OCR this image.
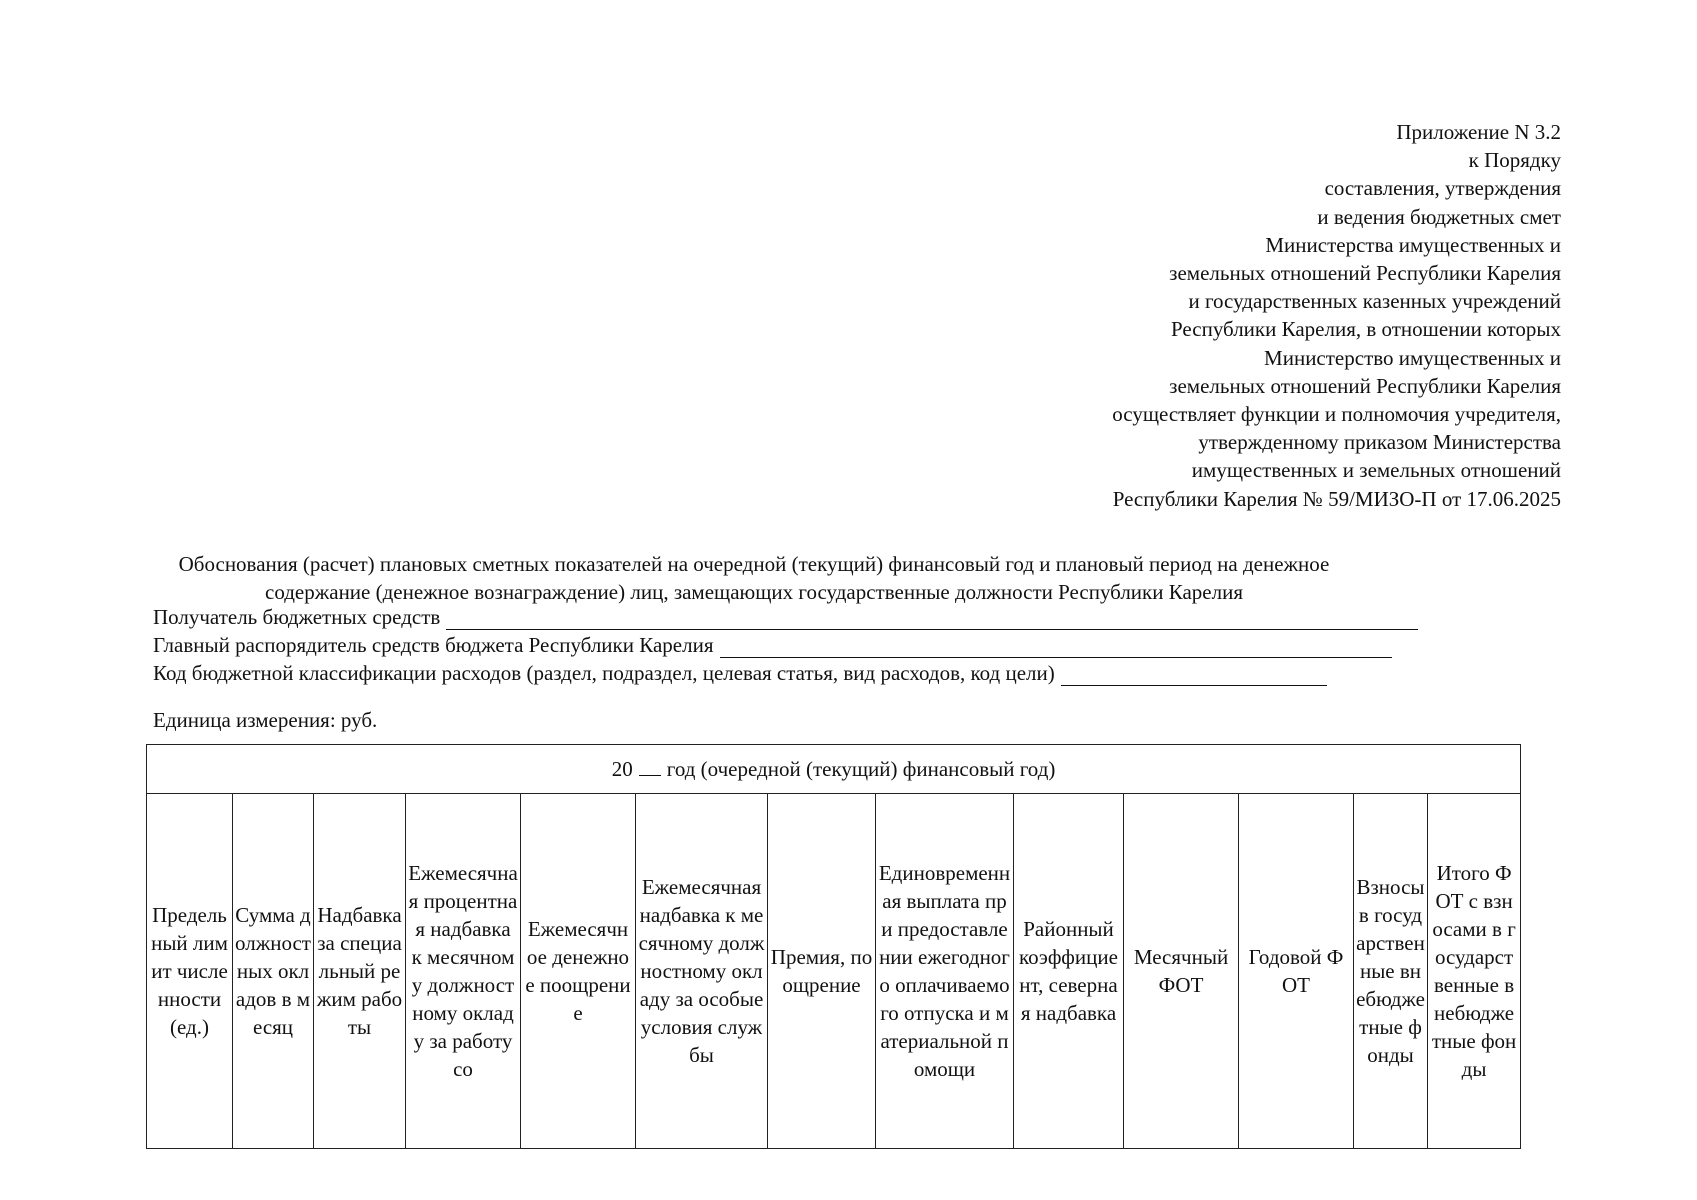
Приложение N 3.2
к Порядку
составления, утверждения
и ведения бюджетных смет
Министерства имущественных и
земельных отношений Республики Карелия
и государственных казенных учреждений
Республики Карелия, в отношении которых
Министерство имущественных и
земельных отношений Республики Карелия
осуществляет функции и полномочия учредителя,
утвержденному приказом Министерства
имущественных и земельных отношений
Республики Карелия № 59/МИЗО-П от 17.06.2025
Обоснования (расчет) плановых сметных показателей на очередной (текущий) финансовый год и плановый период на денежное
содержание (денежное вознаграждение) лиц, замещающих государственные должности Республики Карелия
Получатель бюджетных средств
Главный распорядитель средств бюджета Республики Карелия
Код бюджетной классификации расходов (раздел, подраздел, целевая статья, вид расходов, код цели)
Единица измерения: руб.
20 год (очередной (текущий) финансовый год)
Предельный лимит численности (ед.)	Сумма должностных окладов в месяц	Надбавка за специальный режим работы	Ежемесячная процентная надбавка к месячному должностному окладу за работу со	Ежемесячное денежное поощрение	Ежемесячная надбавка к месячному должностному окладу за особые условия службы	Премия, поощрение	Единовременная выплата при предоставлении ежегодного оплачиваемого отпуска и материальной помощи	Районный коэффициент, северная надбавка	Месячный ФОТ	Годовой ФОТ	Взносы в государственные внебюджетные фонды	Итого ФОТ с взносами в государственные внебюджетные фонды
